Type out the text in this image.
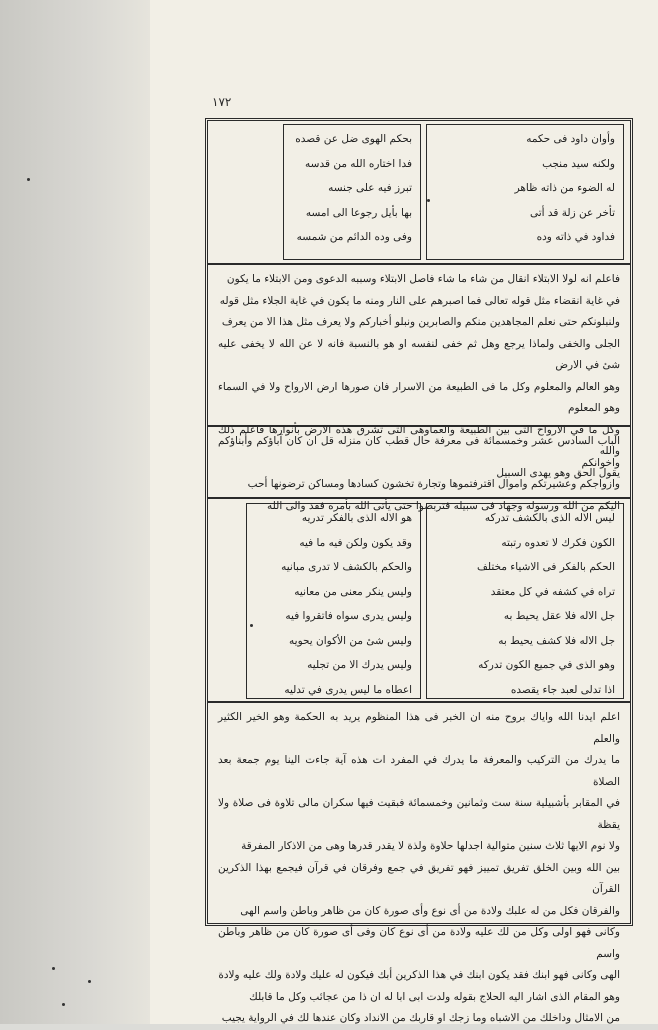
١٧٢
وأوان داود فى حكمه
ولكنه سيد منجب
له الضوء من ذاته ظاهر
تأخر عن زلة قد أتى
فداود في ذاته وده
بحكم الهوى ضل عن قصده
فدا اختاره الله من قدسه
تبرز فيه على جنسه
بها بأيل رجوعا الى امسه
وفى وده الدائم من شمسه
فاعلم انه لولا الابتلاء انقال من شاء ما شاء فاصل الابتلاء وسببه الدعوى ومن الابتلاء ما يكون
في غاية انقضاء مثل قوله تعالى فما اصبرهم على النار ومنه ما يكون في غاية الجلاء مثل قوله
ولنبلونكم حتى نعلم المجاهدين منكم والصابرين ونبلو أخباركم ولا يعرف مثل هذا الا من يعرف
الجلى والخفى ولماذا يرجع وهل ثم خفى لنفسه او هو بالنسبة فانه لا عن الله لا يخفى عليه شئ في الارض
وهو العالم والمعلوم وكل ما فى الطبيعة من الاسرار فان صورها ارض الارواح ولا في السماء وهو المعلوم
وكل ما في الارواح التى بين الطبيعة والعماوهى التى تشرق هذه الارض بأنوارها فاعلم ذلك والله
يقول الحق وهو يهدى السبيل
الباب السادس عشر وخمسمائة فى معرفة حال قطب كان منزله قل ان كان آباؤكم وأبناؤكم واخوانكم
وازواجكم وعشيرتكم واموال اقترفتموها وتجارة تخشون كسادها ومساكن ترضونها أحب
اليكم من الله ورسوله وجهاد فى سبيله فتربصوا حتى يأتى الله بأمره فقد والى الله
ليس الاله الذى بالكشف تدركه
الكون فكرك لا تعدوه رتبته
الحكم بالفكر فى الاشياء مختلف
تراه في كشفه في كل معتقد
جل الاله فلا عقل يحيط به
جل الاله فلا كشف يحيط به
وهو الذى في جميع الكون تدركه
اذا تدلى لعبد جاء يقصده
هو الاله الذى بالفكر تدريه
وقد يكون ولكن فيه ما فيه
والحكم بالكشف لا تدرى مبانيه
وليس ينكر معنى من معانيه
وليس يدرى سواه فاتقروا فيه
وليس شئ من الأكوان يحويه
وليس يدرك الا من تجليه
اعطاه ما ليس يدرى في تدليه
اعلم ايدنا الله واياك بروح منه ان الخبر فى هذا المنظوم يريد به الحكمة وهو الخير الكثير والعلم
ما يدرك من التركيب والمعرفة ما يدرك في المفرد ات هذه آية جاءت الينا يوم جمعة بعد الصلاة
في المقابر بأشبيلية سنة ست وثمانين وخمسمائة فبقيت فيها سكران مالى تلاوة فى صلاة ولا يقظة
ولا نوم الايها ثلاث سنين متوالية اجدلها حلاوة ولذة لا يقدر قدرها وهى من الاذكار المفرقة
بين الله وبين الخلق تفريق تمييز فهو تفريق في جمع وفرقان في قرآن فيجمع بهذا الذكرين القرآن
والفرقان فكل من له علبك ولادة من أى نوع وأى صورة كان من ظاهر وباطن واسم الهى
وكانى فهو اولى وكل من لك عليه ولادة من أى نوع كان وفى أى صورة كان من ظاهر وباطن واسم
الهى وكانى فهو ابنك فقد يكون ابنك في هذا الذكرين أبك فيكون له عليك ولادة ولك عليه ولادة
وهو المقام الذى اشار اليه الحلاج بقوله ولدت ابى ابا له ان ذا من عجائب وكل ما قابلك
من الامثال وداخلك من الاشباه وما زجك او قاربك من الانداد وكان عندها لك في الرواية يجيب
